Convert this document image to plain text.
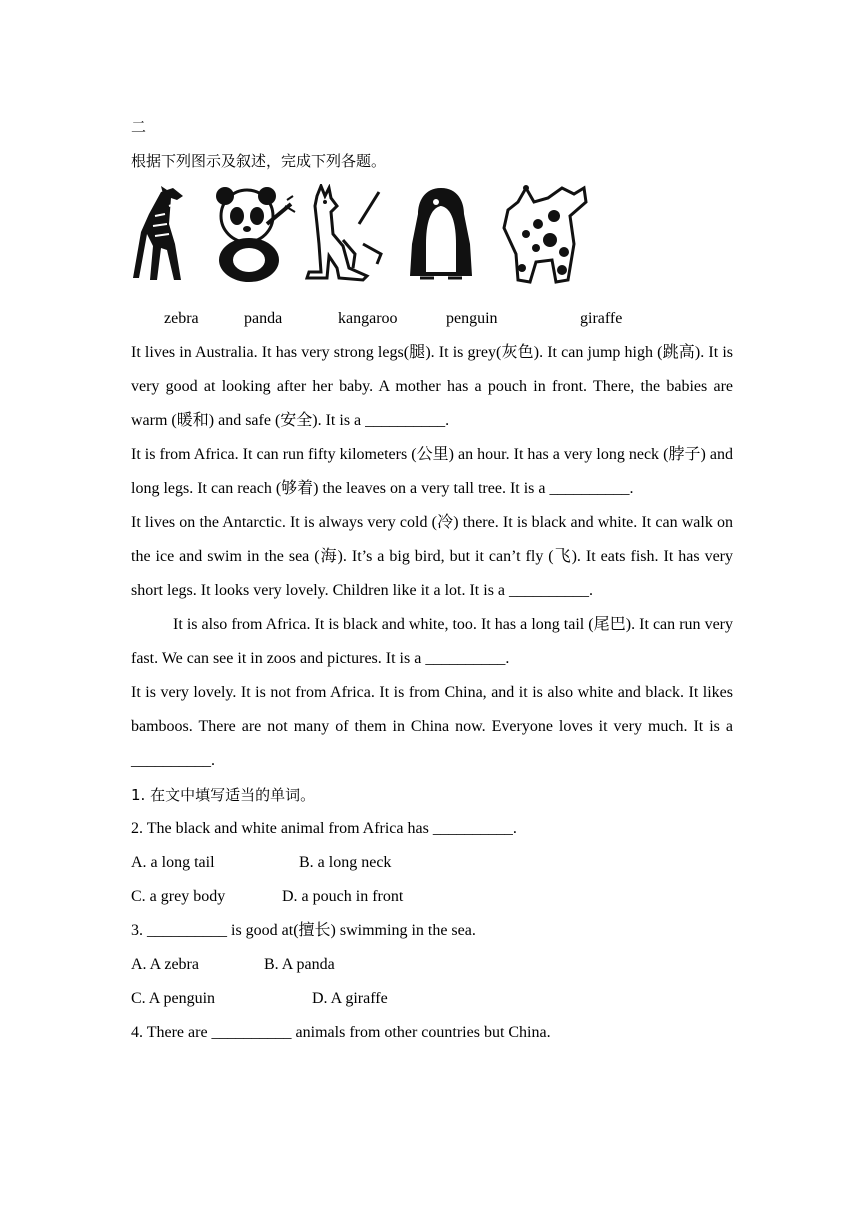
二
根据下列图示及叙述，完成下列各题。
zebra	panda	kangaroo	penguin	giraffe
It lives in Australia. It has very strong legs(腿). It is grey(灰色). It can jump high (跳高). It is very good at looking after her baby. A mother has a pouch in front. There, the babies are warm (暖和) and safe (安全). It is a __________.
It is from Africa. It can run fifty kilometers (公里) an hour. It has a very long neck (脖子) and long legs. It can reach (够着) the leaves on a very tall tree. It is a __________.
It lives on the Antarctic. It is always very cold (冷) there. It is black and white. It can walk on the ice and swim in the sea (海). It’s a big bird, but it can’t fly (飞). It eats fish. It has very short legs. It looks very lovely. Children like it a lot. It is a __________.
It is also from Africa. It is black and white, too. It has a long tail (尾巴). It can run very fast. We can see it in zoos and pictures. It is a __________.
It is very lovely. It is not from Africa. It is from China, and it is also white and black. It likes bamboos. There are not many of them in China now. Everyone loves it very much. It is a __________.
1. 在文中填写适当的单词。
2. The black and white animal from Africa has __________.
A. a long tail	B. a long neck
C. a grey body	D. a pouch in front
3. __________ is good at(擅长) swimming in the sea.
A. A zebra	B. A panda
C. A penguin	D. A giraffe
4. There are __________ animals from other countries but China.
